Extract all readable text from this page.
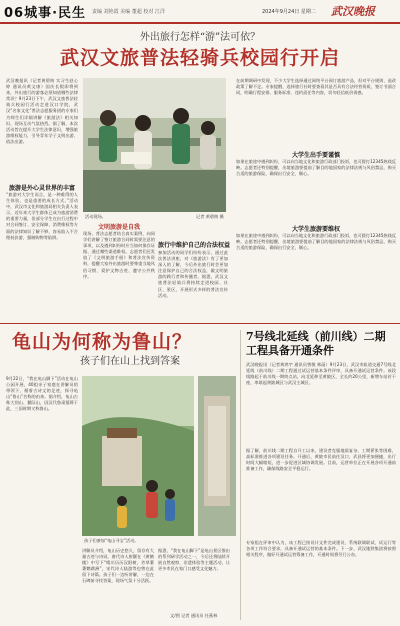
06城事·民生 责编 刘艳霞 美编 董超 校对 江洋	2024年9月24日 星期二 武汉晚报
外出旅行怎样“游”法可依？
武汉文旅普法轻骑兵校园行开启

武汉晚报讯（记者黄碧纳 实习生赵心婷 通讯员黄文康）国庆长假即将到来，外出旅行的游客必须知道哪些法律常识？9月23日下午，武汉文旅普法轻骑兵校园行活动走进汉口学院，武汉“名家文化”普法志愿服务团的专家们为师生们详细讲解《旅游法》相关知识，现场互动气氛热烈。据了解，本次活动旨在提升大学生法律意识，增强旅游维权能力，引导青年学子文明出游、依法出游。

旅游是外心灵世界的丰富

“旅游对大学生而言，是一种难得的人生体验，也是重要的成长方式。”活动中，武汉市文化和旅游局相关负责人表示，近年来大学生群体已成为旅游消费的重要力量，但部分学生在出行过程中对合同签订、安全保障、消费维权等方面的法律知识了解不够，容易陷入不合理低价游、强制购物等陷阱。

活动现场。	记者 黄碧纳 摄
文明旅游是自我

现场，普法志愿者结合真实案例，向同学们讲解了签订旅游合同时需要注意的事项，以及遇到纠纷时应当如何保存证据、通过哪些渠道维权。志愿者们还发放了《文明旅游手册》和普法宣传资料，提醒大家外出旅游时要尊重当地风俗习惯、爱护文物古迹、遵守公共秩序。

旅行中维护自己的合法权益

参加活动的同学们纷纷表示，通过此次普法讲座，对《旅游法》有了更加深入的了解，今后外出旅行时会更加注意保护自己的合法权益，做文明旅游的践行者和传播者。据悉，武汉文旅普法轻骑兵将持续走进校园、社区、景区，开展形式多样的普法宣传活动。

在前期调研中发现，不少大学生选择通过网络平台预订旅游产品，但对平台规则、退改政策了解不足。专家提醒，选择旅行社时要查看其是否具有合法经营资质，签订书面合同，明确行程安排、服务标准、违约责任等内容，切勿轻信低价诱惑。

大学生出手要谨慎

如果在旅途中遇到纠纷，可以向当地文化和旅游行政部门投诉，也可拨打12345热线反映。志愿者还特别提醒，出境旅游要提前了解目的地国家的法律法规与风俗禁忌，购买合适的旅游保险，确保出行安全、顺心。

大学生旅游要维权

如果在旅途中遇到纠纷，可以向当地文化和旅游行政部门投诉，也可拨打12345热线反映。志愿者还特别提醒，出境旅游要提前了解目的地国家的法律法规与风俗禁忌，购买合适的旅游保险，确保出行安全、顺心。

龟山为何称为鲁山？
孩子们在山上找到答案

9月22日，“我在龟山脚下”活动在龟山公园开展，40组亲子家庭在讲解员的带领下，循着古诗文的足迹，探寻龟山“鲁山”名称的由来。据介绍，龟山古称大别山、翼际山，因汉代鲁肃墓葬于此，三国时期又称鲁山。

孩子们参加“龟山寻宝”活动。

讲解员介绍，龟山历史悠久，留存有大量古迹与诗词。唐代诗人崔颢在《黄鹤楼》中写下“晴川历历汉阳树，芳草萋萋鹦鹉洲”，宋代诗人陆游等也曾在此留下诗篇。孩子们一边听讲解，一边在石碑前寻找答案，现场气氛十分活跃。

据悉，“我在龟山脚下”是龟山景区推出的系列研学活动之一，今后还将陆续开展自然观察、非遗体验等主题活动，让更多市民在家门口感受文化魅力。

文/图 记者 通讯员 任燕林
7号线北延线（前川线）二期工程具备开通条件

武汉晚报讯（记者黄鸿宇 通讯员曾敏 林菡）9月23日，武汉市轨道交通7号线北延线（前川线）二期工程通过试运营基本条件评审，具备开通试运营条件。该段线路起于前川线一期终点站，向北延伸至黄陂区，全长约20公里，新增车站若干座，串联起黄陂城区与武汉主城区。

据了解，前川线二期工程自开工以来，建设者克服地质复杂、工期紧张等困难，高标准推进各项建设任务。开通后，黄陂市民前往汉口、武昌将更加便捷，出行时间大幅缩短，进一步促进区域协调发展。目前，运营单位正在开展各项开通前准备工作，确保线路安全平稳运行。

专家组在评审中认为，该工程已按设计文件完成建设，系统联调联试、试运行等各项工作符合要求，具备开通试运营的基本条件。下一步，武汉地铁集团将按照相关程序，做好开通试运营筹备工作，开通时间将另行公布。
